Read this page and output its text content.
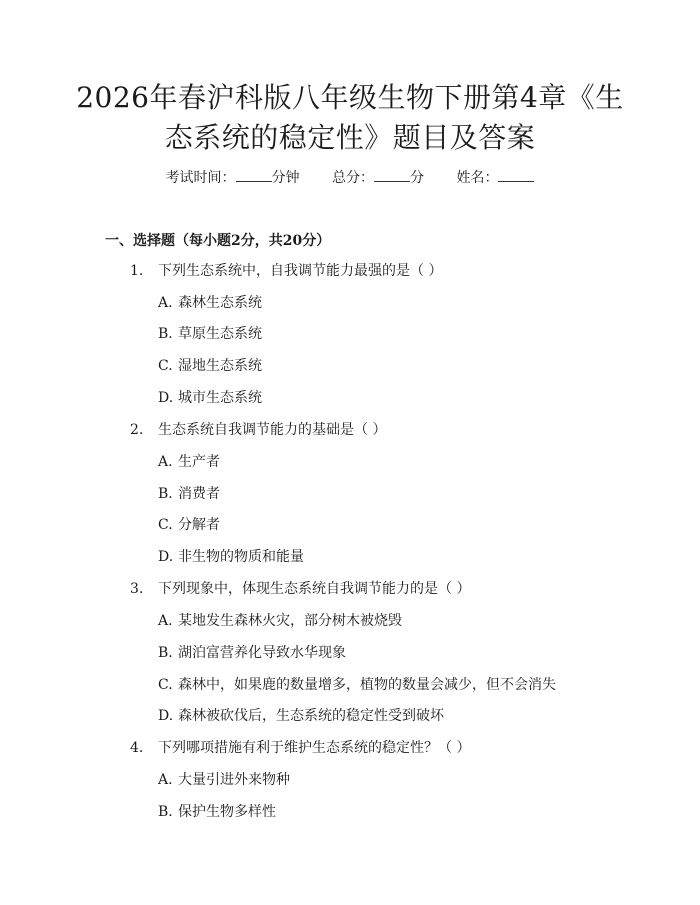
2026年春沪科版八年级生物下册第4章《生
态系统的稳定性》题目及答案
考试时间：	分钟 总分：	分 姓名：
一、选择题（每小题2分，共20分）
1. 下列生态系统中，自我调节能力最强的是（ ）
A. 森林生态系统
B. 草原生态系统
C. 湿地生态系统
D. 城市生态系统
2. 生态系统自我调节能力的基础是（ ）
A. 生产者
B. 消费者
C. 分解者
D. 非生物的物质和能量
3. 下列现象中，体现生态系统自我调节能力的是（ ）
A. 某地发生森林火灾，部分树木被烧毁
B. 湖泊富营养化导致水华现象
C. 森林中，如果鹿的数量增多，植物的数量会减少，但不会消失
D. 森林被砍伐后，生态系统的稳定性受到破坏
4. 下列哪项措施有利于维护生态系统的稳定性？（ ）
A. 大量引进外来物种
B. 保护生物多样性
